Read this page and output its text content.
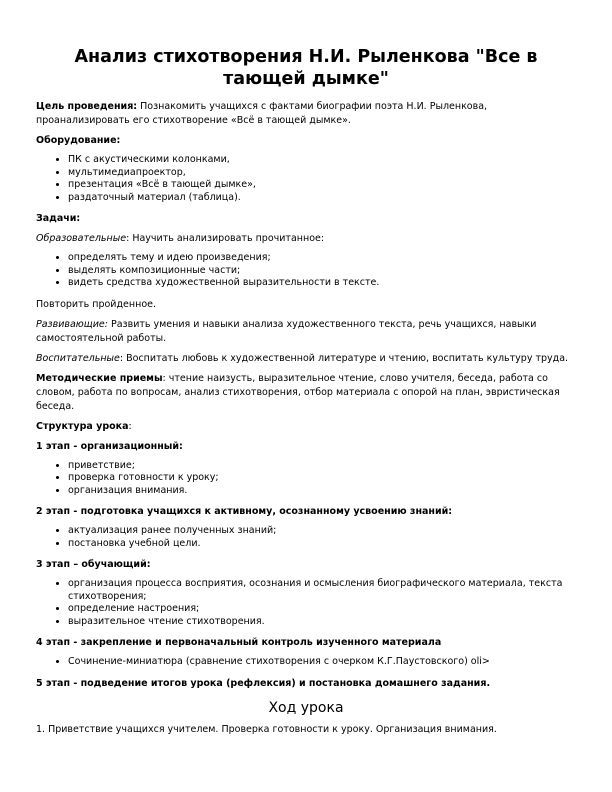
Анализ стихотворения Н.И. Рыленкова "Все в тающей дымке"

Цель проведения: Познакомить учащихся с фактами биографии поэта Н.И. Рыленкова, проанализировать его стихотворение «Всё в тающей дымке».

Оборудование:

• ПК с акустическими колонками,
• мультимедиапроектор,
• презентация «Всё в тающей дымке»,
• раздаточный материал (таблица).

Задачи:

Образовательные: Научить анализировать прочитанное:

• определять тему и идею произведения;
• выделять композиционные части;
• видеть средства художественной выразительности в тексте.

Повторить пройденное.

Развивающие: Развить умения и навыки анализа художественного текста, речь учащихся, навыки самостоятельной работы.

Воспитательные: Воспитать любовь к художественной литературе и чтению, воспитать культуру труда.

Методические приемы: чтение наизусть, выразительное чтение, слово учителя, беседа, работа со словом, работа по вопросам, анализ стихотворения, отбор материала с опорой на план, эвристическая беседа.

Структура урока:

1 этап - организационный:

• приветствие;
• проверка готовности к уроку;
• организация внимания.

2 этап - подготовка учащихся к активному, осознанному усвоению знаний:

• актуализация ранее полученных знаний;
• постановка учебной цели.

3 этап – обучающий:

• организация процесса восприятия, осознания и осмысления биографического материала, текста стихотворения;
• определение настроения;
• выразительное чтение стихотворения.

4 этап - закрепление и первоначальный контроль изученного материала

• Сочинение-миниатюра (сравнение стихотворения с очерком К.Г.Паустовского) oli>

5 этап - подведение итогов урока (рефлексия) и постановка домашнего задания.

Ход урока

1. Приветствие учащихся учителем. Проверка готовности к уроку. Организация внимания.
